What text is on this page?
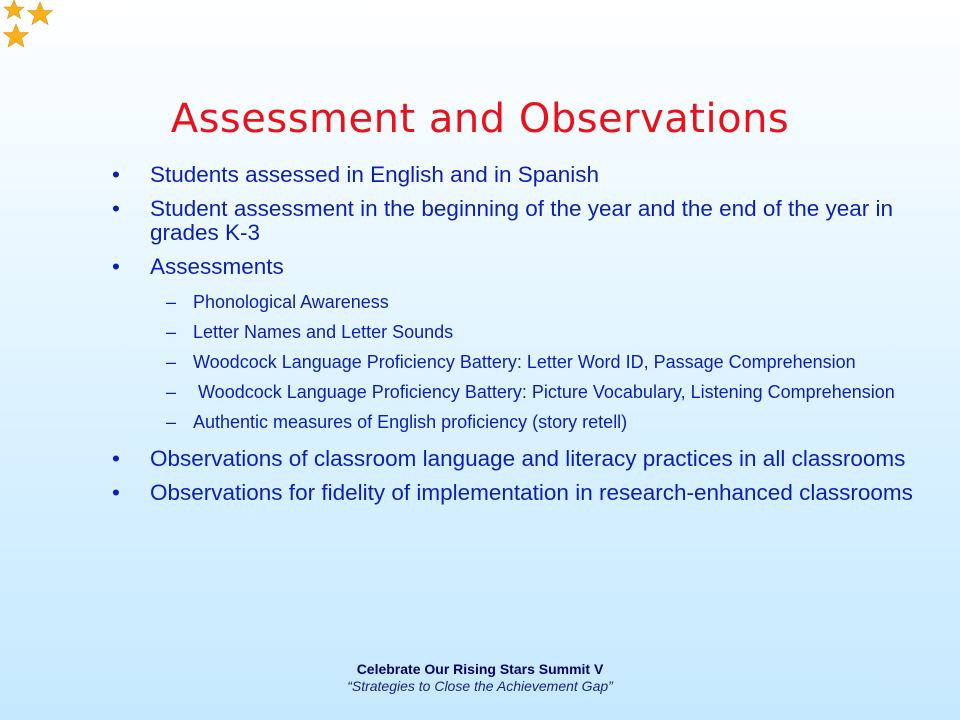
Assessment and Observations
•	Students assessed in English and in Spanish
•	Student assessment in the beginning of the year and the end of the year in grades K-3
•	Assessments
– Phonological Awareness
– Letter Names and Letter Sounds
– Woodcock Language Proficiency Battery: Letter Word ID, Passage Comprehension
– Woodcock Language Proficiency Battery: Picture Vocabulary, Listening Comprehension
– Authentic measures of English proficiency (story retell)
•	Observations of classroom language and literacy practices in all classrooms
•	Observations for fidelity of implementation in research-enhanced classrooms
Celebrate Our Rising Stars Summit V
“Strategies to Close the Achievement Gap”
